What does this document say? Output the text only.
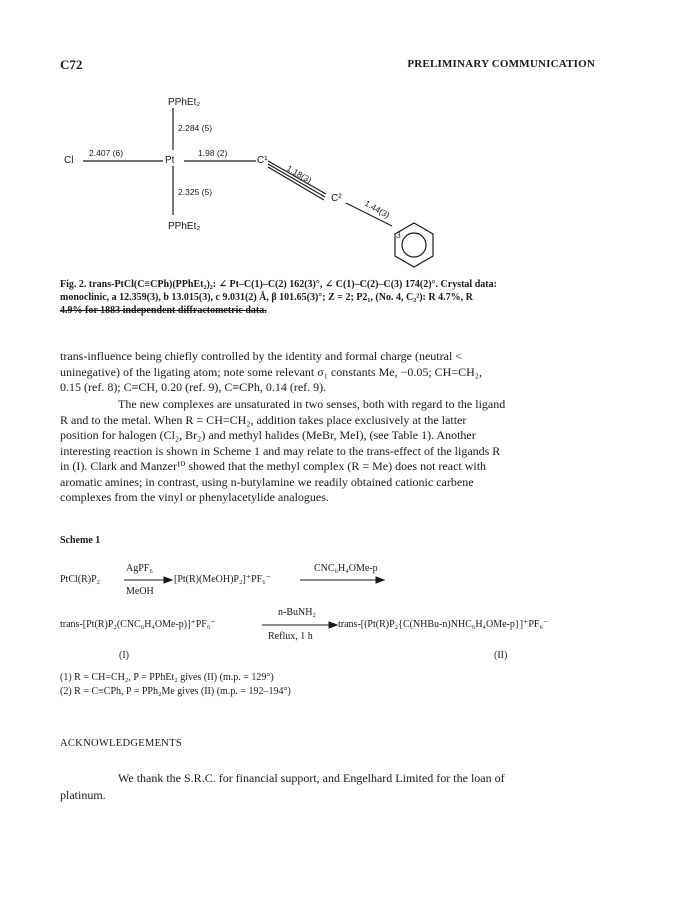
C72	PRELIMINARY COMMUNICATION
PPhEt₂
2.284 (5)
Cl
2.407 (6)
Pt
1.98 (2)
C¹
1.18(3)
C²	1.44(3)
3
2.325 (5)
PPhEt₂
Fig. 2. trans-PtCl(C≡CPh)(PPhEt₂)₂: ∠ Pt–C(1)–C(2) 162(3)°, ∠ C(1)–C(2)–C(3) 174(2)°. Crystal data:
monoclinic, a 12.359(3), b 13.015(3), c 9.031(2) Å, β 101.65(3)°; Z = 2; P2₁, (No. 4, C₂²): R 4.7%, R
4.9% for 1883 independent diffractometric data.
trans-influence being chiefly controlled by the identity and formal charge (neutral <
uninegative) of the ligating atom; note some relevant σ₁ constants Me, −0.05; CH=CH₂,
0.15 (ref. 8); C≡CH, 0.20 (ref. 9), C≡CPh, 0.14 (ref. 9).
The new complexes are unsaturated in two senses, both with regard to the ligand
R and to the metal. When R = CH=CH₂, addition takes place exclusively at the latter
position for halogen (Cl₂, Br₂) and methyl halides (MeBr, MeI), (see Table 1). Another
interesting reaction is shown in Scheme 1 and may relate to the trans-effect of the ligands R
in (I). Clark and Manzer¹⁰ showed that the methyl complex (R = Me) does not react with
aromatic amines; in contrast, using n-butylamine we readily obtained cationic carbene
complexes from the vinyl or phenylacetylide analogues.
Scheme 1
PtCl(R)P₂
AgPF₆
MeOH
[Pt(R)(MeOH)P₂]⁺PF₆⁻
CNC₆H₄OMe-p
trans-[Pt(R)P₂(CNC₆H₄OMe-p)]⁺PF₆⁻
n-BuNH₂
Reflux, 1 h
trans-[(Pt(R)P₂{C(NHBu-n)NHC₆H₄OMe-p}]⁺PF₆⁻
(I)	(II)
(1) R = CH=CH₂, P = PPhEt₂ gives (II) (m.p. = 129°)
(2) R = C≡CPh, P = PPh₂Me gives (II) (m.p. = 192–194°)
ACKNOWLEDGEMENTS
We thank the S.R.C. for financial support, and Engelhard Limited for the loan of
platinum.
